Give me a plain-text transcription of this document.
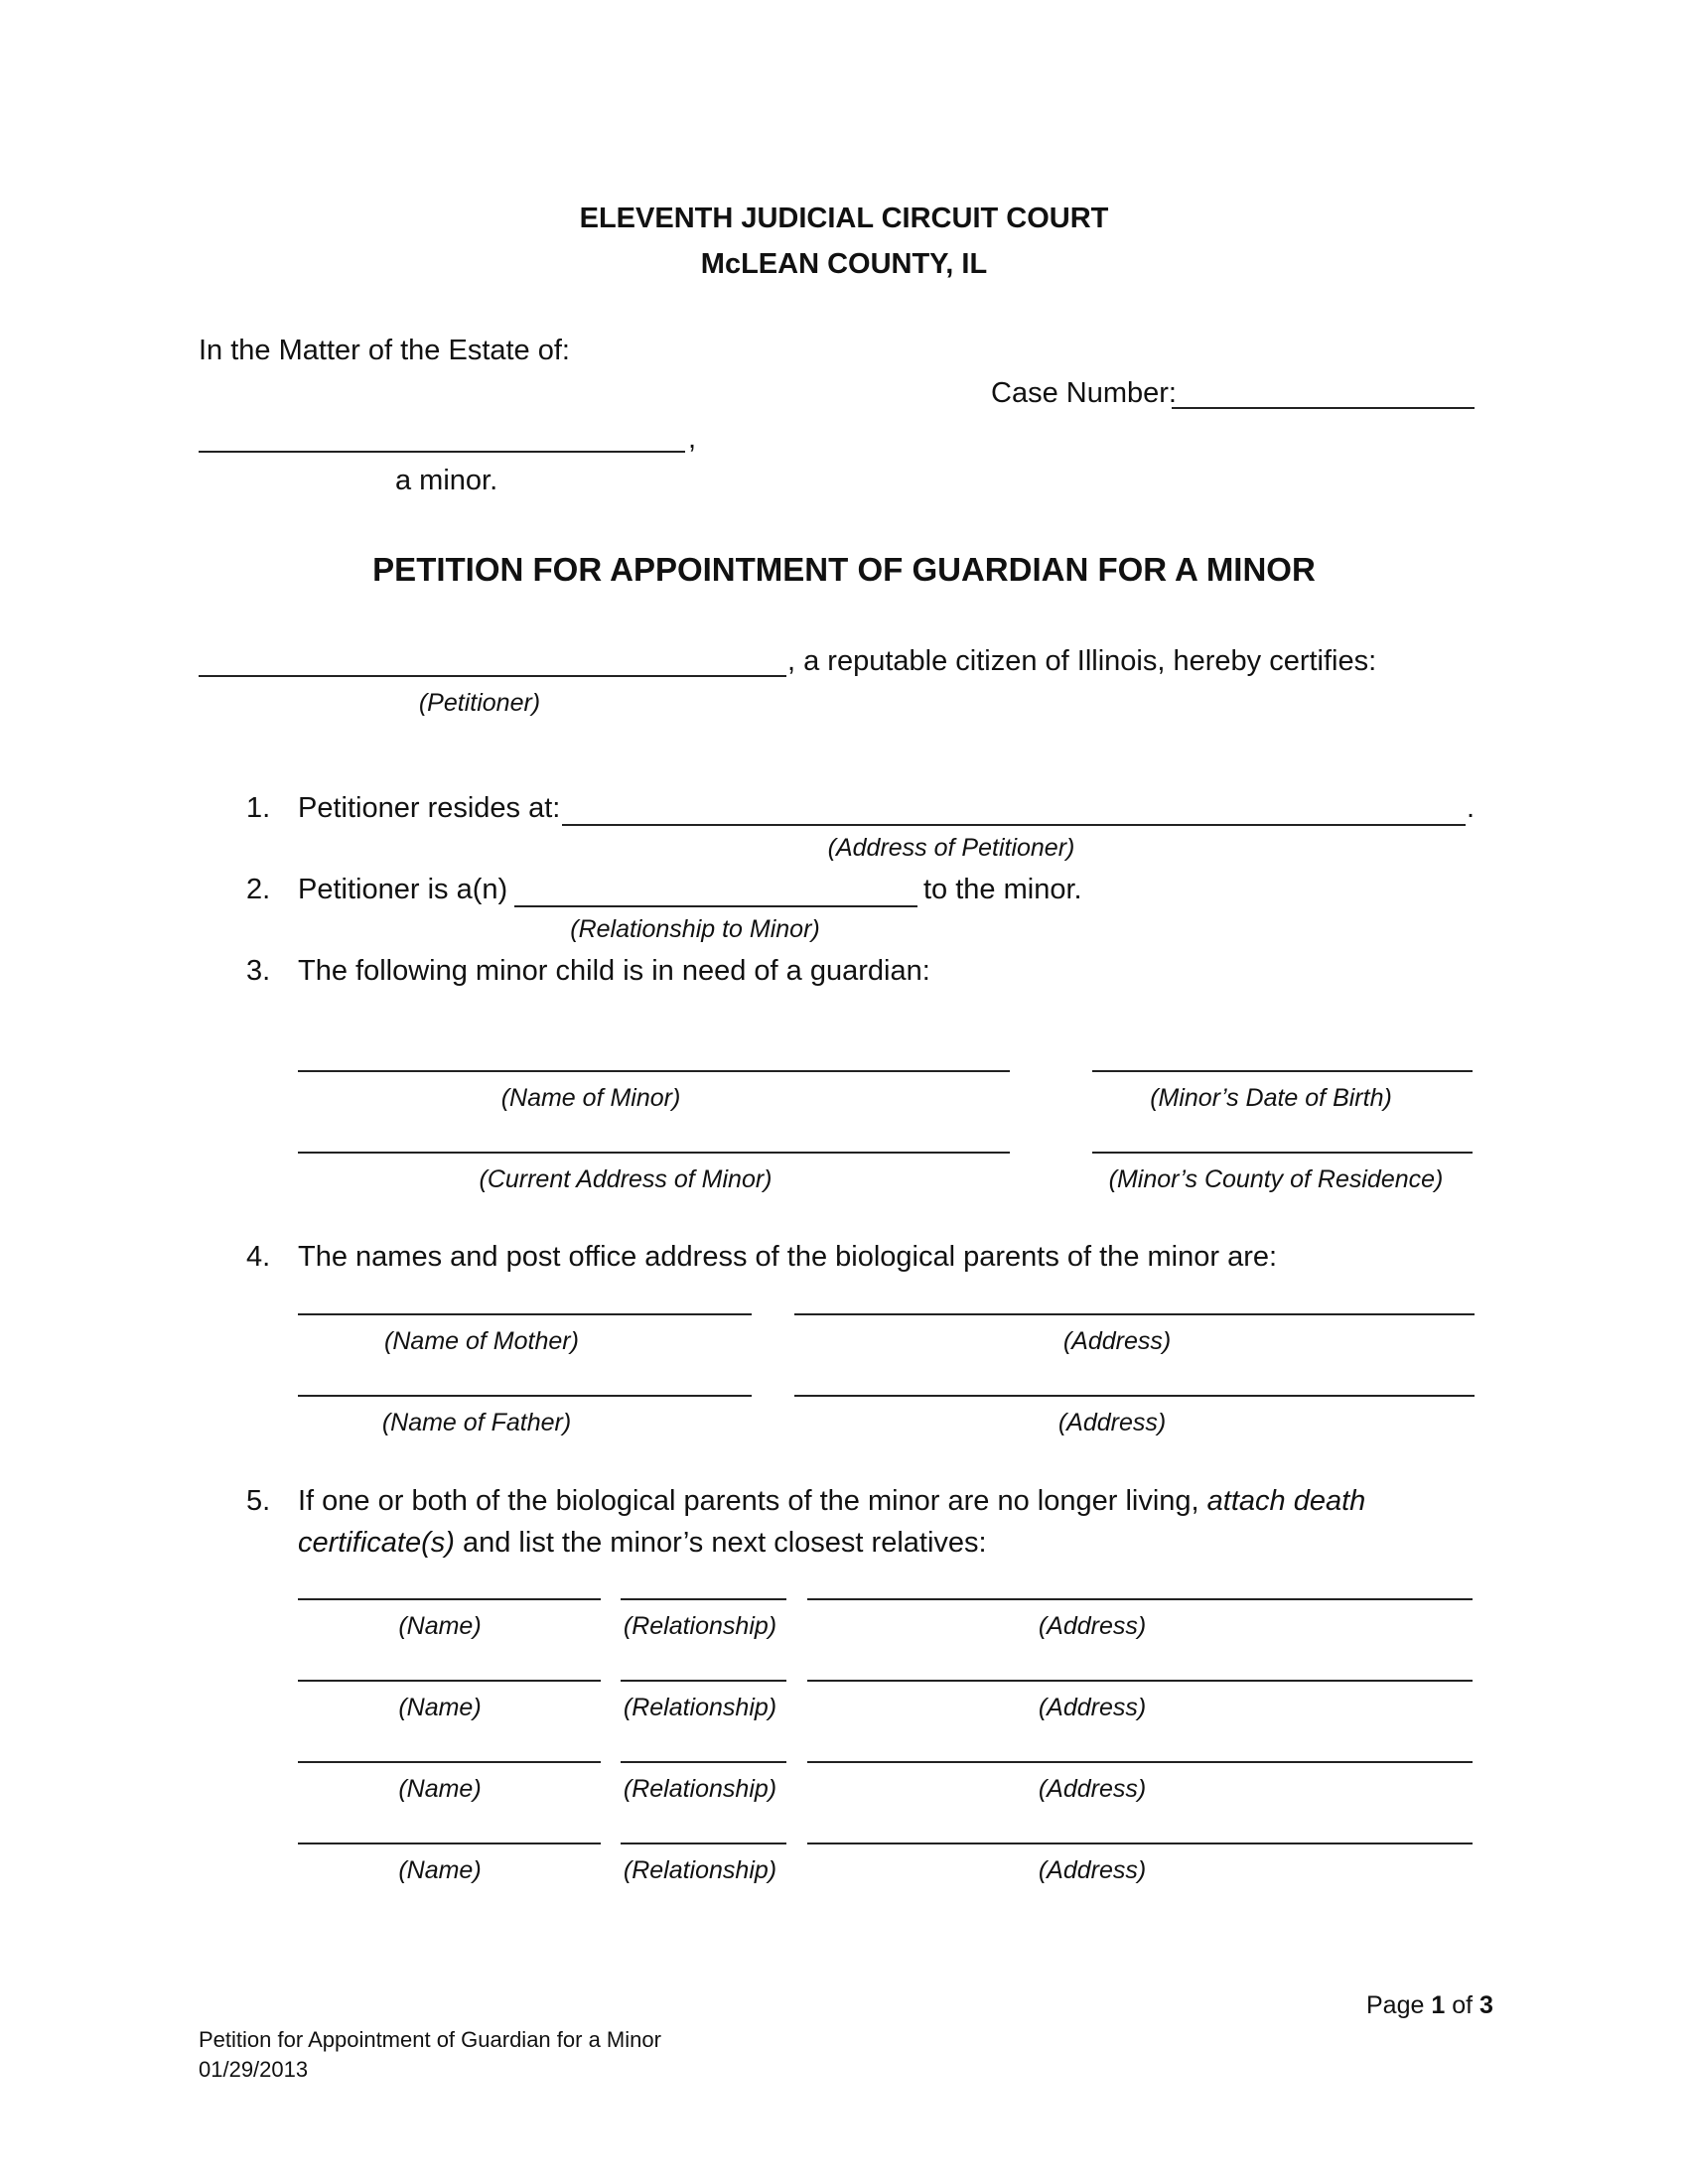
ELEVENTH JUDICIAL CIRCUIT COURT
McLEAN COUNTY, IL
In the Matter of the Estate of:
Case Number:
,
a minor.
PETITION FOR APPOINTMENT OF GUARDIAN FOR A MINOR
, a reputable citizen of Illinois, hereby certifies:
(Petitioner)
1. Petitioner resides at:	.
(Address of Petitioner)
2. Petitioner is a(n)	to the minor.
(Relationship to Minor)
3. The following minor child is in need of a guardian:
(Name of Minor)	(Minor’s Date of Birth)
(Current Address of Minor)	(Minor’s County of Residence)
4. The names and post office address of the biological parents of the minor are:
(Name of Mother)	(Address)
(Name of Father)	(Address)
5. If one or both of the biological parents of the minor are no longer living, attach death
certificate(s) and list the minor’s next closest relatives:
(Name)	(Relationship)	(Address)
(Name)	(Relationship)	(Address)
(Name)	(Relationship)	(Address)
(Name)	(Relationship)	(Address)
Page 1 of 3
Petition for Appointment of Guardian for a Minor
01/29/2013
